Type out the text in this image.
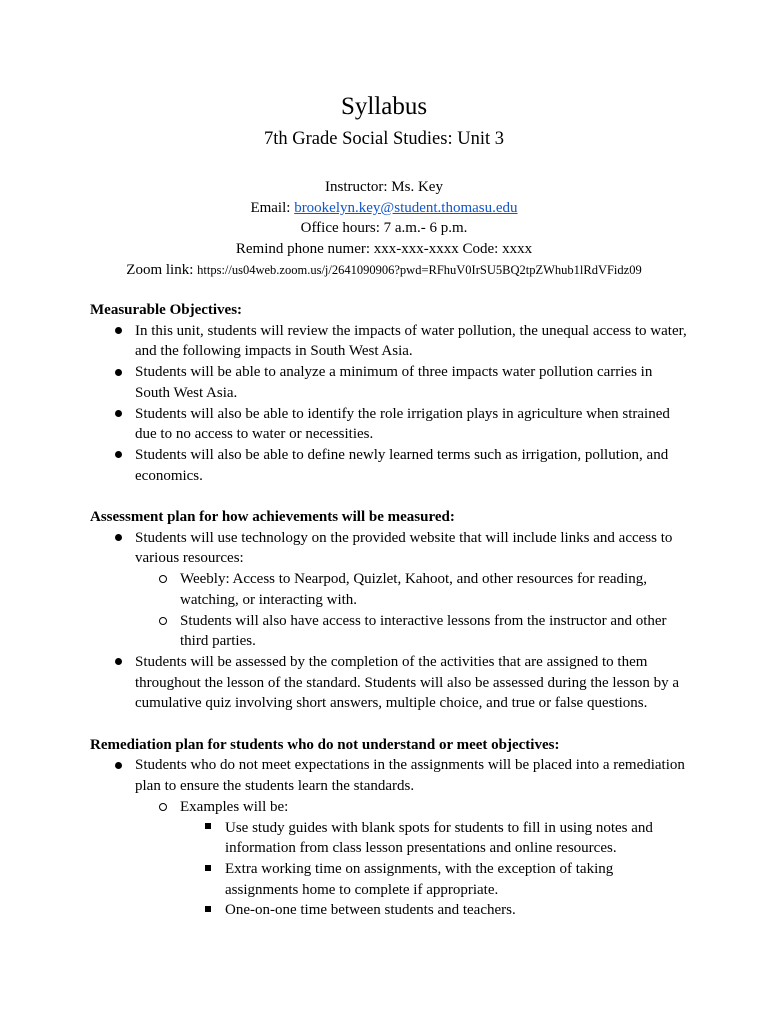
Syllabus
7th Grade Social Studies: Unit 3
Instructor: Ms. Key
Email: brookelyn.key@student.thomasu.edu
Office hours: 7 a.m.- 6 p.m.
Remind phone numer: xxx-xxx-xxxx Code: xxxx
Zoom link: https://us04web.zoom.us/j/2641090906?pwd=RFhuV0IrSU5BQ2tpZWhub1lRdVFidz09

Measurable Objectives:

In this unit, students will review the impacts of water pollution, the unequal access to water, and the following impacts in South West Asia.
Students will be able to analyze a minimum of three impacts water pollution carries in South West Asia.
Students will also be able to identify the role irrigation plays in agriculture when strained due to no access to water or necessities.
Students will also be able to define newly learned terms such as irrigation, pollution, and economics.

Assessment plan for how achievements will be measured:

Students will use technology on the provided website that will include links and access to various resources:
Weebly: Access to Nearpod, Quizlet, Kahoot, and other resources for reading, watching, or interacting with.
Students will also have access to interactive lessons from the instructor and other third parties.
Students will be assessed by the completion of the activities that are assigned to them throughout the lesson of the standard. Students will also be assessed during the lesson by a cumulative quiz involving short answers, multiple choice, and true or false questions.

Remediation plan for students who do not understand or meet objectives:

Students who do not meet expectations in the assignments will be placed into a remediation plan to ensure the students learn the standards.
Examples will be:
Use study guides with blank spots for students to fill in using notes and information from class lesson presentations and online resources.
Extra working time on assignments, with the exception of taking assignments home to complete if appropriate.
One-on-one time between students and teachers.
